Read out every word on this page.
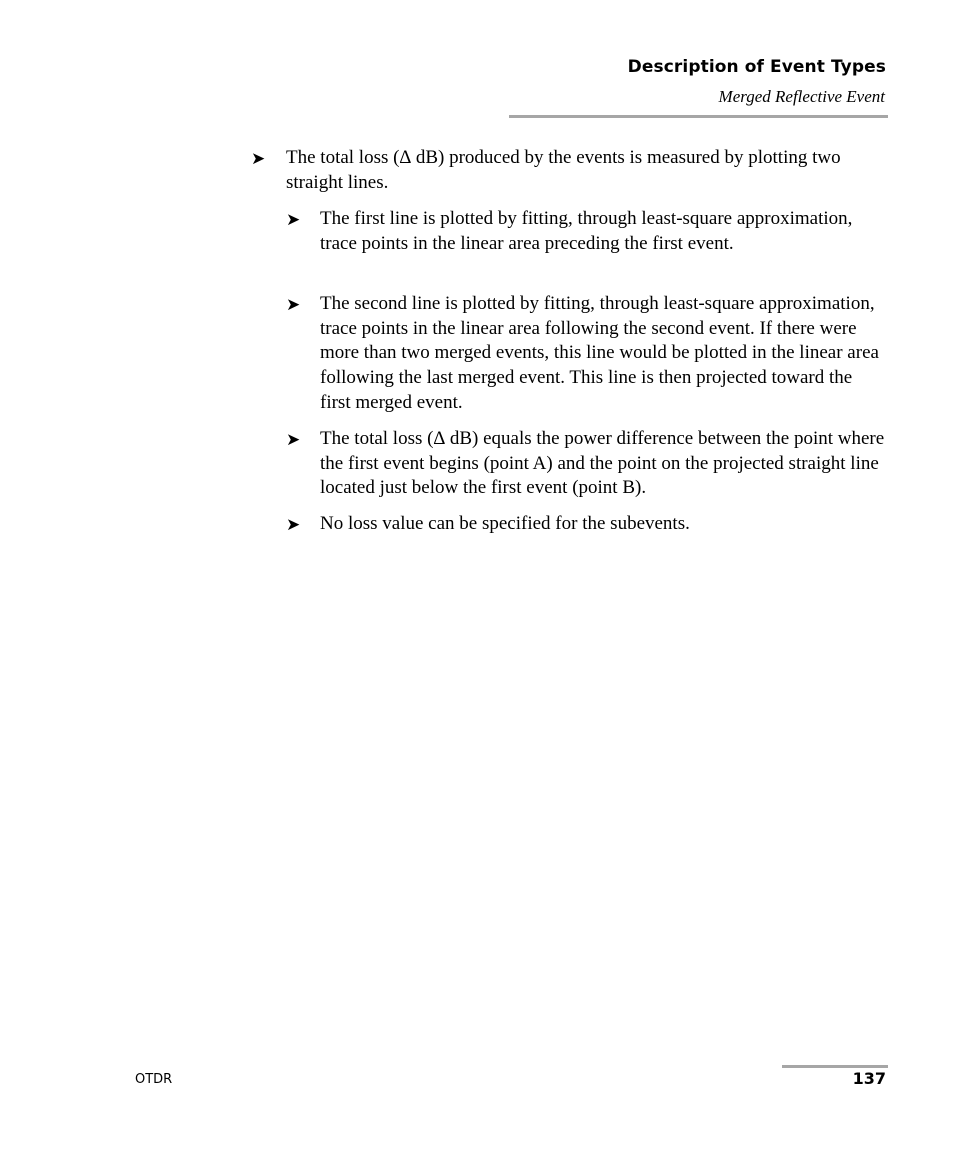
Description of Event Types
Merged Reflective Event
➤ The total loss (∆ dB) produced by the events is measured by plotting two straight lines.
➤ The first line is plotted by fitting, through least-square approximation, trace points in the linear area preceding the first event.
➤ The second line is plotted by fitting, through least-square approximation, trace points in the linear area following the second event. If there were more than two merged events, this line would be plotted in the linear area following the last merged event. This line is then projected toward the first merged event.
➤ The total loss (∆ dB) equals the power difference between the point where the first event begins (point A) and the point on the projected straight line located just below the first event (point B).
➤ No loss value can be specified for the subevents.
OTDR	137
